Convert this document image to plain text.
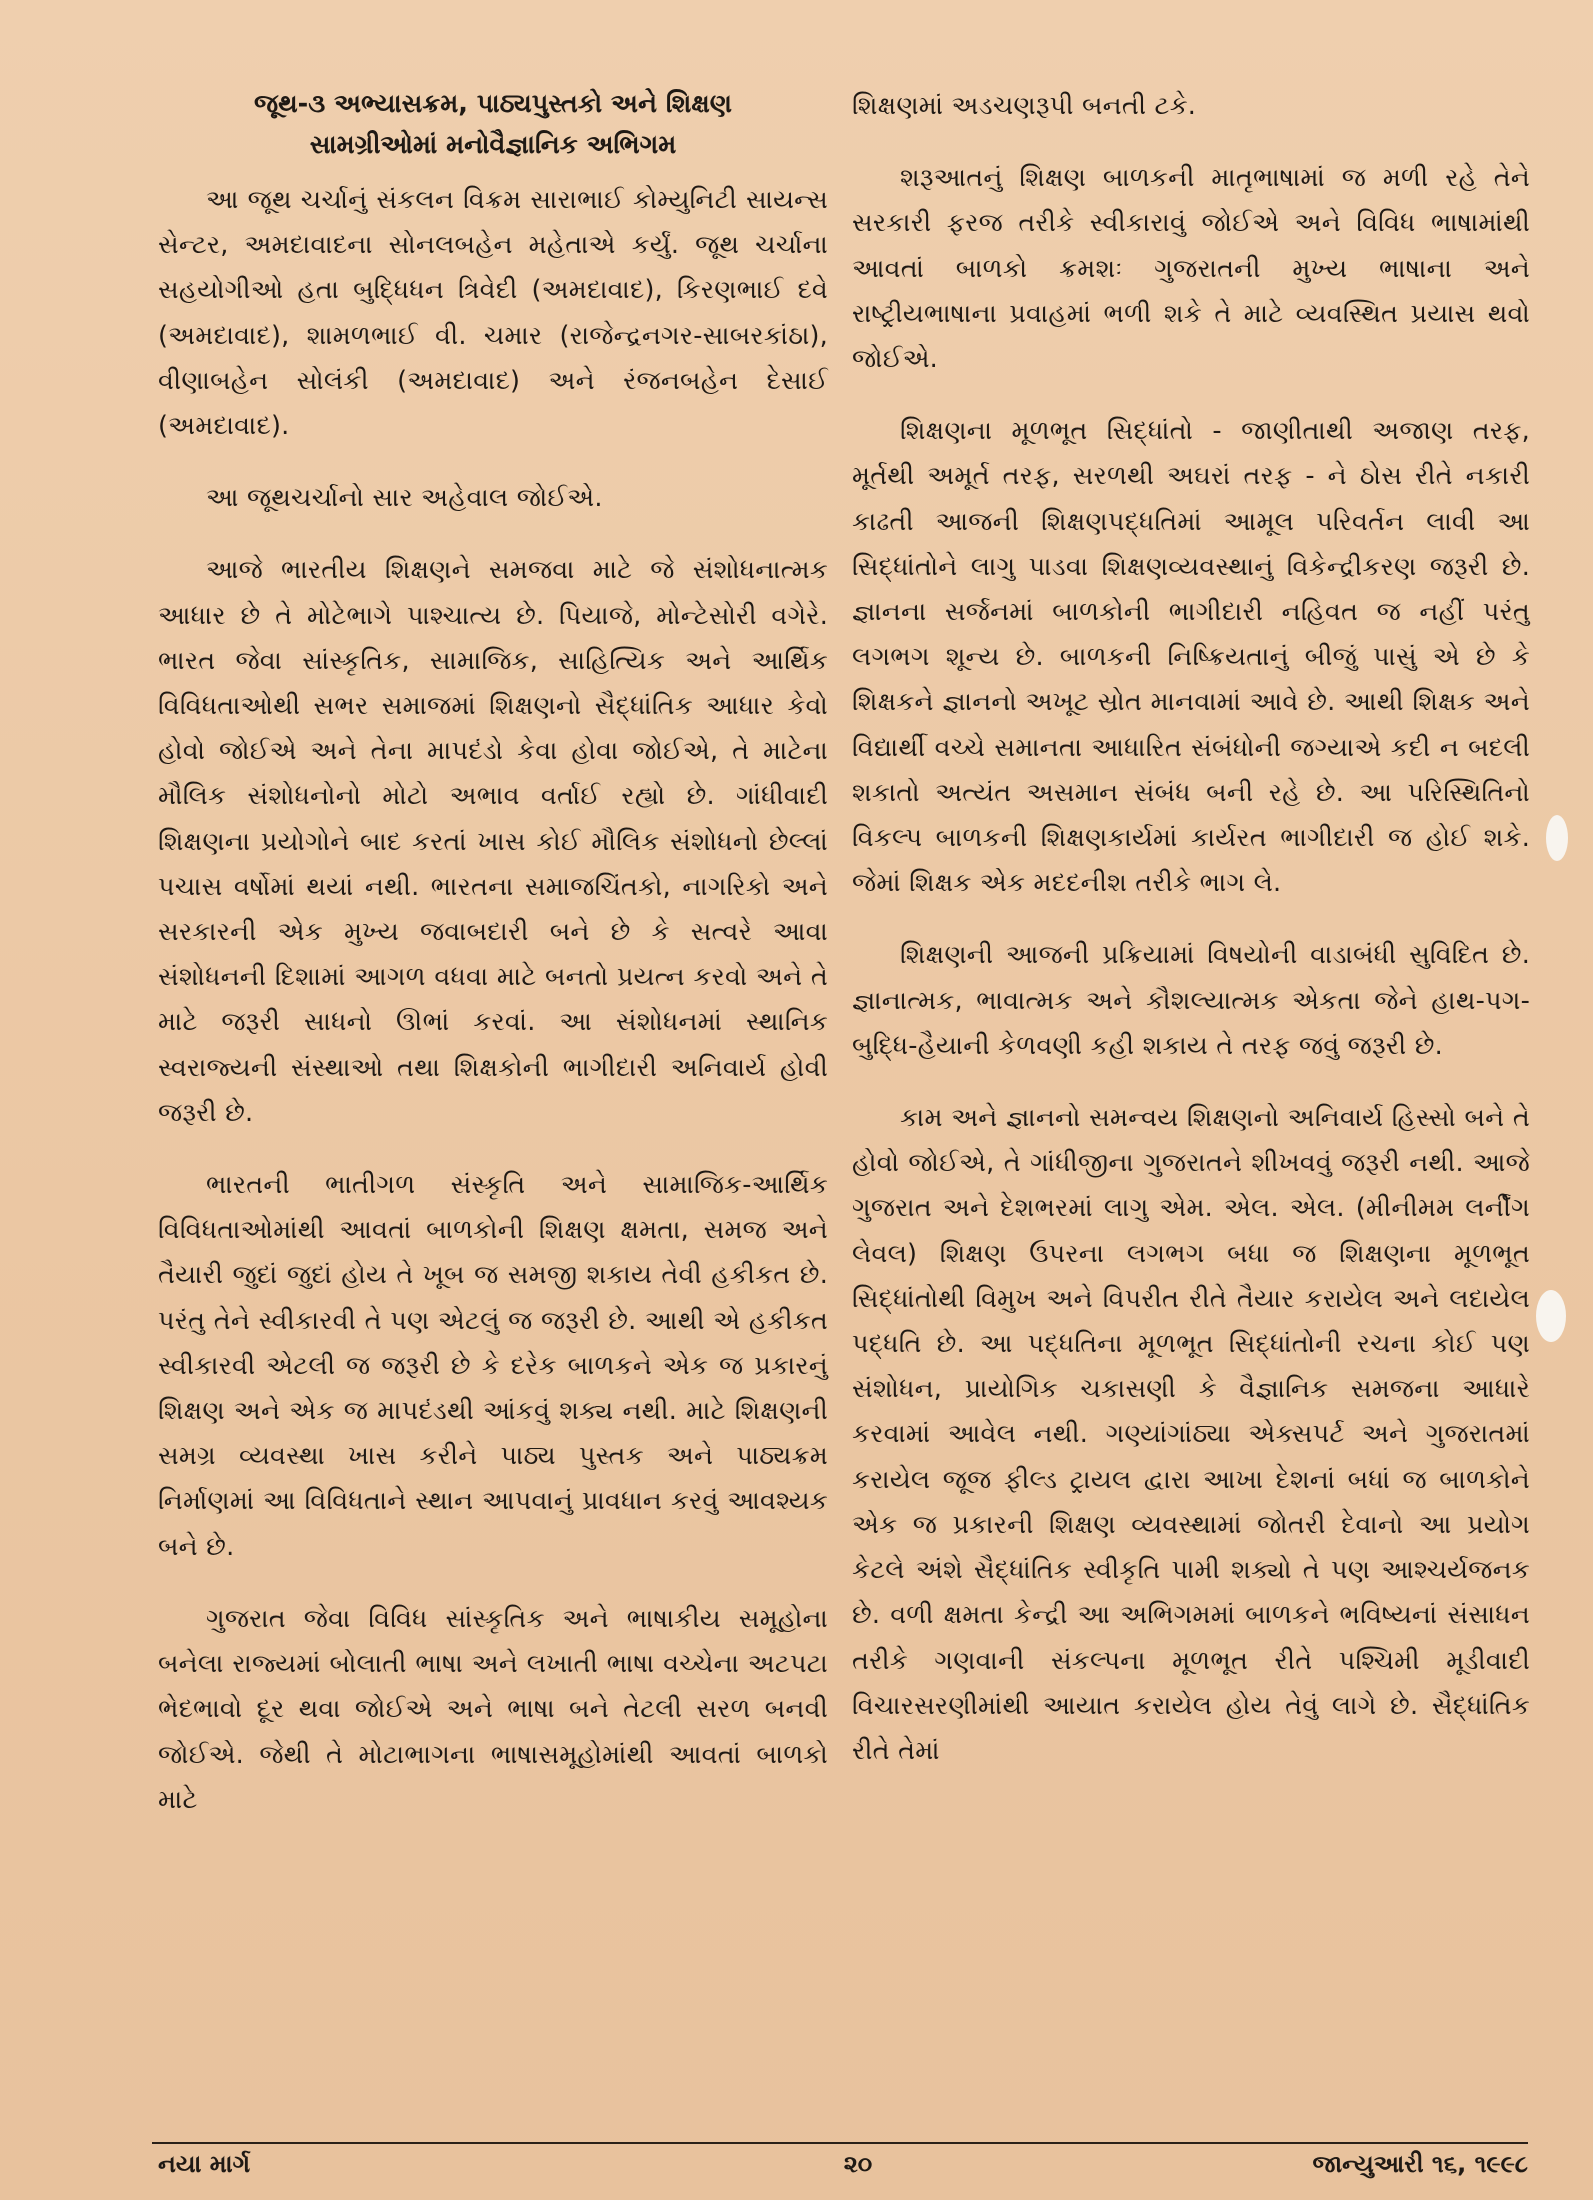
જૂથ-૩ અભ્યાસક્રમ, પાઠ્યપુસ્તકો અને શિક્ષણ
સામગ્રીઓમાં મનોવૈજ્ઞાનિક અભિગમ

આ જૂથ ચર્ચાનું સંકલન વિક્રમ સારાભાઈ કોમ્યુનિટી સાયન્સ સેન્ટર, અમદાવાદના સોનલબહેન મહેતાએ કર્યું. જૂથ ચર્ચાના સહયોગીઓ હતા બુદ્ધિધન ત્રિવેદી (અમદાવાદ), કિરણભાઈ દવે (અમદાવાદ), શામળભાઈ વી. ચમાર (રાજેન્દ્રનગર-સાબરકાંઠા), વીણાબહેન સોલંકી (અમદાવાદ) અને રંજનબહેન દેસાઈ (અમદાવાદ).

આ જૂથચર્ચાનો સાર અહેવાલ જોઈએ.

આજે ભારતીય શિક્ષણને સમજવા માટે જે સંશોધનાત્મક આધાર છે તે મોટેભાગે પાશ્ચાત્ય છે. પિયાજે, મોન્ટેસોરી વગેરે. ભારત જેવા સાંસ્કૃતિક, સામાજિક, સાહિત્યિક અને આર્થિક વિવિધતાઓથી સભર સમાજમાં શિક્ષણનો સૈદ્ધાંતિક આધાર કેવો હોવો જોઈએ અને તેના માપદંડો કેવા હોવા જોઈએ, તે માટેના મૌલિક સંશોધનોનો મોટો અભાવ વર્તાઈ રહ્યો છે. ગાંધીવાદી શિક્ષણના પ્રયોગોને બાદ કરતાં ખાસ કોઈ મૌલિક સંશોધનો છેલ્લાં પચાસ વર્ષોમાં થયાં નથી. ભારતના સમાજચિંતકો, નાગરિકો અને સરકારની એક મુખ્ય જવાબદારી બને છે કે સત્વરે આવા સંશોધનની દિશામાં આગળ વધવા માટે બનતો પ્રયત્ન કરવો અને તે માટે જરૂરી સાધનો ઊભાં કરવાં. આ સંશોધનમાં સ્થાનિક સ્વરાજ્યની સંસ્થાઓ તથા શિક્ષકોની ભાગીદારી અનિવાર્ય હોવી જરૂરી છે.

ભારતની ભાતીગળ સંસ્કૃતિ અને સામાજિક-આર્થિક વિવિધતાઓમાંથી આવતાં બાળકોની શિક્ષણ ક્ષમતા, સમજ અને તૈયારી જુદાં જુદાં હોય તે ખૂબ જ સમજી શકાય તેવી હકીકત છે. પરંતુ તેને સ્વીકારવી તે પણ એટલું જ જરૂરી છે. આથી એ હકીકત સ્વીકારવી એટલી જ જરૂરી છે કે દરેક બાળકને એક જ પ્રકારનું શિક્ષણ અને એક જ માપદંડથી આંકવું શક્ય નથી. માટે શિક્ષણની સમગ્ર વ્યવસ્થા ખાસ કરીને પાઠ્ય પુસ્તક અને પાઠ્યક્રમ નિર્માણમાં આ વિવિધતાને સ્થાન આપવાનું પ્રાવધાન કરવું આવશ્યક બને છે.

ગુજરાત જેવા વિવિધ સાંસ્કૃતિક અને ભાષાકીય સમૂહોના બનેલા રાજ્યમાં બોલાતી ભાષા અને લખાતી ભાષા વચ્ચેના અટપટા ભેદભાવો દૂર થવા જોઈએ અને ભાષા બને તેટલી સરળ બનવી જોઈએ. જેથી તે મોટાભાગના ભાષાસમૂહોમાંથી આવતાં બાળકો માટે

શિક્ષણમાં અડચણરૂપી બનતી ટકે.

શરૂઆતનું શિક્ષણ બાળકની માતૃભાષામાં જ મળી રહે તેને સરકારી ફરજ તરીકે સ્વીકારાવું જોઈએ અને વિવિધ ભાષામાંથી આવતાં બાળકો ક્રમશઃ ગુજરાતની મુખ્ય ભાષાના અને રાષ્ટ્રીયભાષાના પ્રવાહમાં ભળી શકે તે માટે વ્યવસ્થિત પ્રયાસ થવો જોઈએ.

શિક્ષણના મૂળભૂત સિદ્ધાંતો - જાણીતાથી અજાણ તરફ, મૂર્તથી અમૂર્ત તરફ, સરળથી અઘરાં તરફ - ને ઠોસ રીતે નકારી કાઢતી આજની શિક્ષણપદ્ધતિમાં આમૂલ પરિવર્તન લાવી આ સિદ્ધાંતોને લાગુ પાડવા શિક્ષણવ્યવસ્થાનું વિકેન્દ્રીકરણ જરૂરી છે. જ્ઞાનના સર્જનમાં બાળકોની ભાગીદારી નહિવત જ નહીં પરંતુ લગભગ શૂન્ય છે. બાળકની નિષ્ક્રિયતાનું બીજું પાસું એ છે કે શિક્ષકને જ્ઞાનનો અખૂટ સ્રોત માનવામાં આવે છે. આથી શિક્ષક અને વિદ્યાર્થી વચ્ચે સમાનતા આધારિત સંબંધોની જગ્યાએ કદી ન બદલી શકાતો અત્યંત અસમાન સંબંધ બની રહે છે. આ પરિસ્થિતિનો વિકલ્પ બાળકની શિક્ષણકાર્યમાં કાર્યરત ભાગીદારી જ હોઈ શકે. જેમાં શિક્ષક એક મદદનીશ તરીકે ભાગ લે.

શિક્ષણની આજની પ્રક્રિયામાં વિષયોની વાડાબંધી સુવિદિત છે. જ્ઞાનાત્મક, ભાવાત્મક અને કૌશલ્યાત્મક એકતા જેને હાથ-પગ-બુદ્ધિ-હૈયાની કેળવણી કહી શકાય તે તરફ જવું જરૂરી છે.

કામ અને જ્ઞાનનો સમન્વય શિક્ષણનો અનિવાર્ય હિસ્સો બને તે હોવો જોઈએ, તે ગાંધીજીના ગુજરાતને શીખવવું જરૂરી નથી. આજે ગુજરાત અને દેશભરમાં લાગુ એમ. એલ. એલ. (મીનીમમ લર્નીંગ લેવલ) શિક્ષણ ઉપરના લગભગ બધા જ શિક્ષણના મૂળભૂત સિદ્ધાંતોથી વિમુખ અને વિપરીત રીતે તૈયાર કરાયેલ અને લદાયેલ પદ્ધતિ છે. આ પદ્ધતિના મૂળભૂત સિદ્ધાંતોની રચના કોઈ પણ સંશોધન, પ્રાયોગિક ચકાસણી કે વૈજ્ઞાનિક સમજના આધારે કરવામાં આવેલ નથી. ગણ્યાંગાંઠ્યા એક્સપર્ટ અને ગુજરાતમાં કરાયેલ જૂજ ફીલ્ડ ટ્રાયલ દ્વારા આખા દેશનાં બધાં જ બાળકોને એક જ પ્રકારની શિક્ષણ વ્યવસ્થામાં જોતરી દેવાનો આ પ્રયોગ કેટલે અંશે સૈદ્ધાંતિક સ્વીકૃતિ પામી શક્યો તે પણ આશ્ચર્યજનક છે. વળી ક્ષમતા કેન્દ્રી આ અભિગમમાં બાળકને ભવિષ્યનાં સંસાધન તરીકે ગણવાની સંકલ્પના મૂળભૂત રીતે પશ્ચિમી મૂડીવાદી વિચારસરણીમાંથી આયાત કરાયેલ હોય તેવું લાગે છે. સૈદ્ધાંતિક રીતે તેમાં

નયા માર્ગ	૨૦	જાન્યુઆરી ૧૬, ૧૯૯૮
